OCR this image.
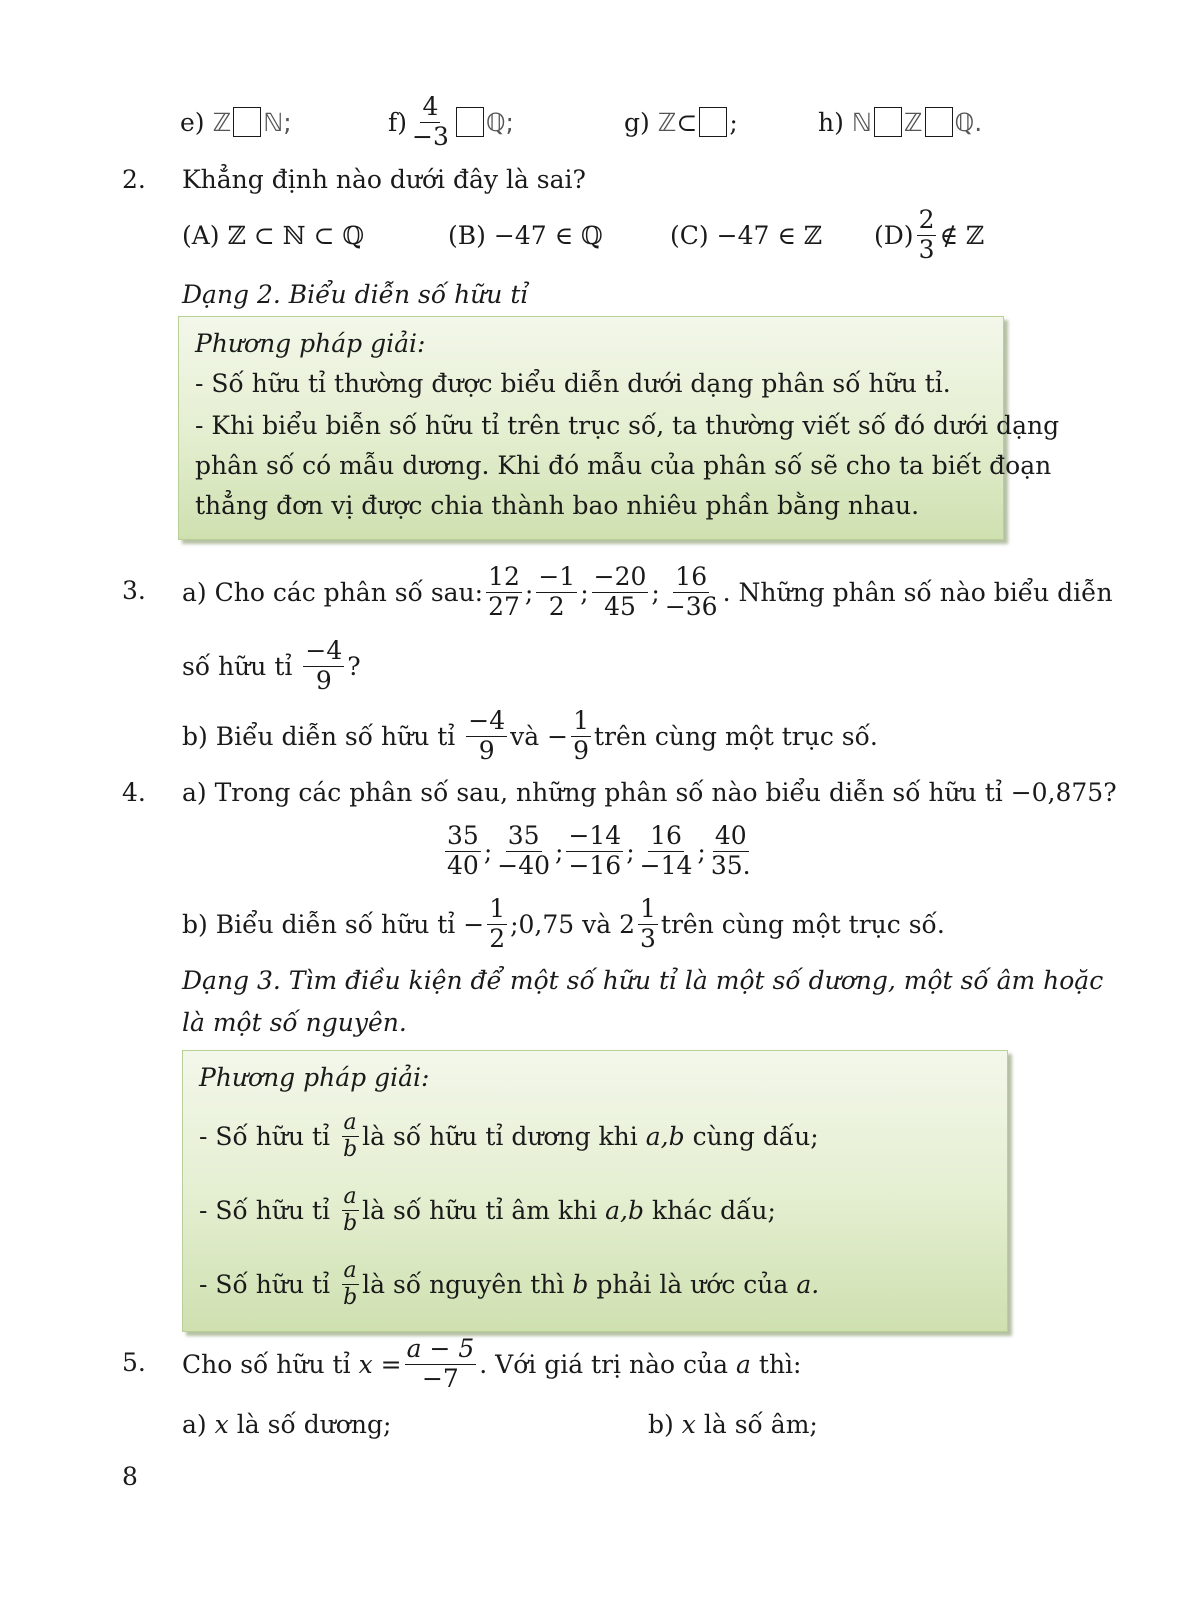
e) ℤ ℕ;	$f) \frac{4}{-3}$ ℚ;	g) ℤ ⊂ ;	h) ℕ ℤ ℚ.
2. Khẳng định nào dưới đây là sai?
(A) ℤ ⊂ ℕ ⊂ ℚ	(B) −47 ∈ ℚ	(C) −47 ∈ ℤ $(D) \frac{2}{3}$ ∉ ℤ
Dạng 2. Biểu diễn số hữu tỉ
Phương pháp giải:
- Số hữu tỉ thường được biểu diễn dưới dạng phân số hữu tỉ.
- Khi biểu biễn số hữu tỉ trên trục số, ta thường viết số đó dưới dạng
phân số có mẫu dương. Khi đó mẫu của phân số sẽ cho ta biết đoạn
thẳng đơn vị được chia thành bao nhiêu phần bằng nhau.
3. a) Cho các phân số sau: $\frac{12}{27}$ ; $\frac{-1}{2}$ ; $\frac{-20}{45}$ ; $\frac{16}{-36}$ . Những phân số nào biểu diễn
số hữu tỉ $\frac{-4}{9}$ ?
b) Biểu diễn số hữu tỉ $\frac{-4}{9}$ và − $\frac{1}{9}$ trên cùng một trục số.
4. a) Trong các phân số sau, những phân số nào biểu diễn số hữu tỉ −0,875?
$\frac{35}{40}$ ; $\frac{35}{-40}$ ; $\frac{-14}{-16}$ ; $\frac{16}{-14}$ ; $\frac{40}{35.}$
b) Biểu diễn số hữu tỉ − $\frac{1}{2}$ ;0,75 và $2 \frac{1}{3}$ trên cùng một trục số.
Dạng 3. Tìm điều kiện để một số hữu tỉ là một số dương, một số âm hoặc
là một số nguyên.
Phương pháp giải:
- Số hữu tỉ $\frac{a}{b}$ là số hữu tỉ dương khi a,b cùng dấu;
- Số hữu tỉ $\frac{a}{b}$ là số hữu tỉ âm khi a,b khác dấu;
- Số hữu tỉ $\frac{a}{b}$ là số nguyên thì b phải là ước của a.
5. Cho số hữu tỉ $x = \frac{a - 5}{-7}$ . Với giá trị nào của a thì:
a) x là số dương;	b) x là số âm;
8
